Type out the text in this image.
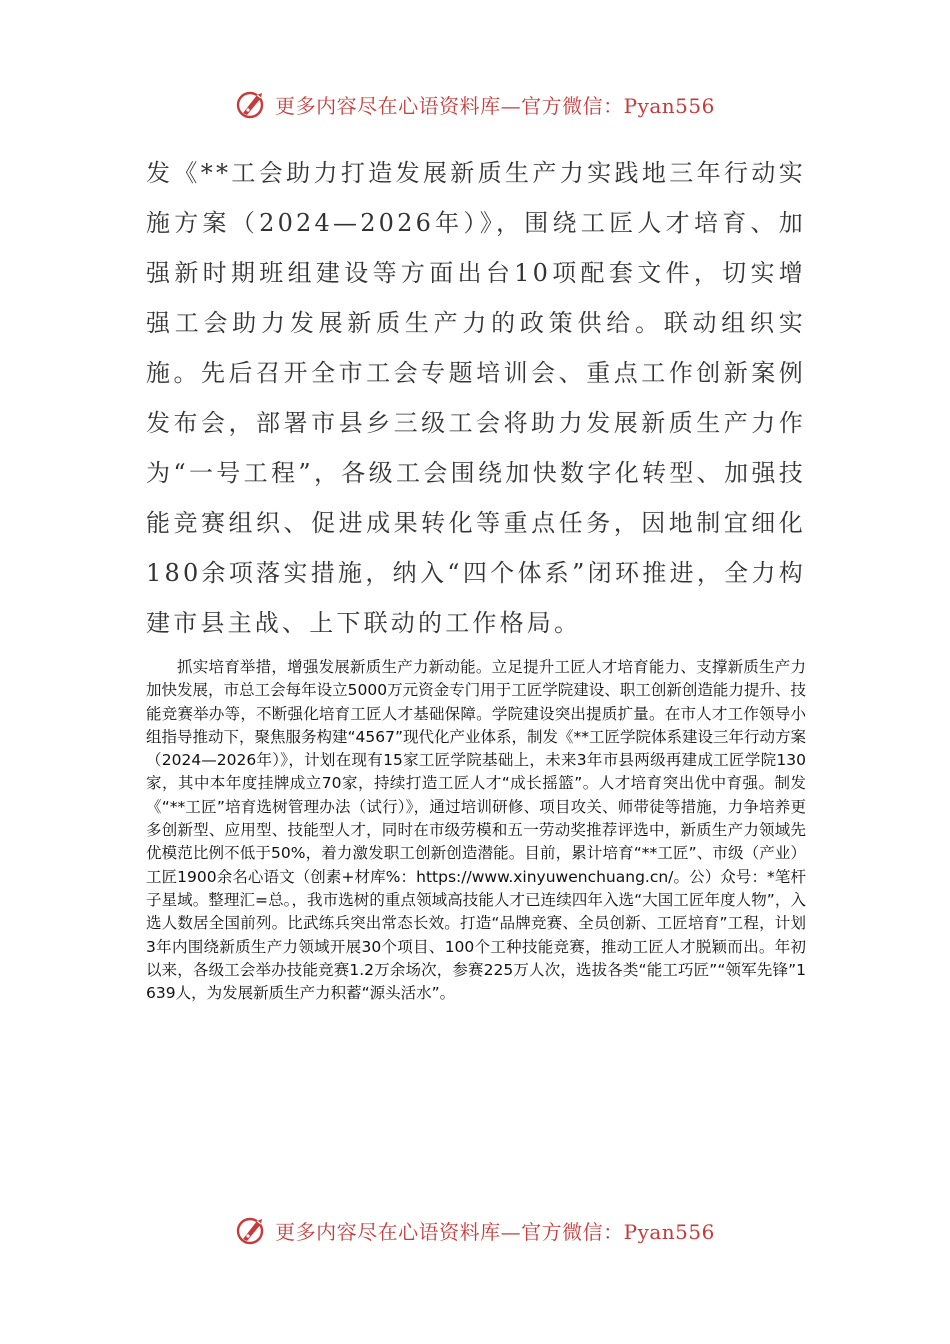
更多内容尽在心语资料库—官方微信：Pyan556

发《**工会助力打造发展新质生产力实践地三年行动实施方案（2024—2026年）》，围绕工匠人才培育、加强新时期班组建设等方面出台10项配套文件，切实增强工会助力发展新质生产力的政策供给。联动组织实施。先后召开全市工会专题培训会、重点工作创新案例发布会，部署市县乡三级工会将助力发展新质生产力作为“一号工程”，各级工会围绕加快数字化转型、加强技能竞赛组织、促进成果转化等重点任务，因地制宜细化180余项落实措施，纳入“四个体系”闭环推进，全力构建市县主战、上下联动的工作格局。

抓实培育举措，增强发展新质生产力新动能。立足提升工匠人才培育能力、支撑新质生产力加快发展，市总工会每年设立5000万元资金专门用于工匠学院建设、职工创新创造能力提升、技能竞赛举办等，不断强化培育工匠人才基础保障。学院建设突出提质扩量。在市人才工作领导小组指导推动下，聚焦服务构建“4567”现代化产业体系，制发《**工匠学院体系建设三年行动方案（2024—2026年）》，计划在现有15家工匠学院基础上，未来3年市县两级再建成工匠学院130家，其中本年度挂牌成立70家，持续打造工匠人才“成长摇篮”。人才培育突出优中育强。制发《“**工匠”培育选树管理办法（试行）》，通过培训研修、项目攻关、师带徒等措施，力争培养更多创新型、应用型、技能型人才，同时在市级劳模和五一劳动奖推荐评选中，新质生产力领域先优模范比例不低于50%，着力激发职工创新创造潜能。目前，累计培育“**工匠”、市级（产业）工匠1900余名心语文（创素+材库%：https://www.xinyuwenchuang.cn/。公）众号：*笔杆子星域。整理汇=总。，我市选树的重点领域高技能人才已连续四年入选“大国工匠年度人物”，入选人数居全国前列。比武练兵突出常态长效。打造“品牌竞赛、全员创新、工匠培育”工程，计划3年内围绕新质生产力领域开展30个项目、100个工种技能竞赛，推动工匠人才脱颖而出。年初以来，各级工会举办技能竞赛1.2万余场次，参赛225万人次，选拔各类“能工巧匠”“领军先锋”1639人，为发展新质生产力积蓄“源头活水”。

更多内容尽在心语资料库—官方微信：Pyan556
